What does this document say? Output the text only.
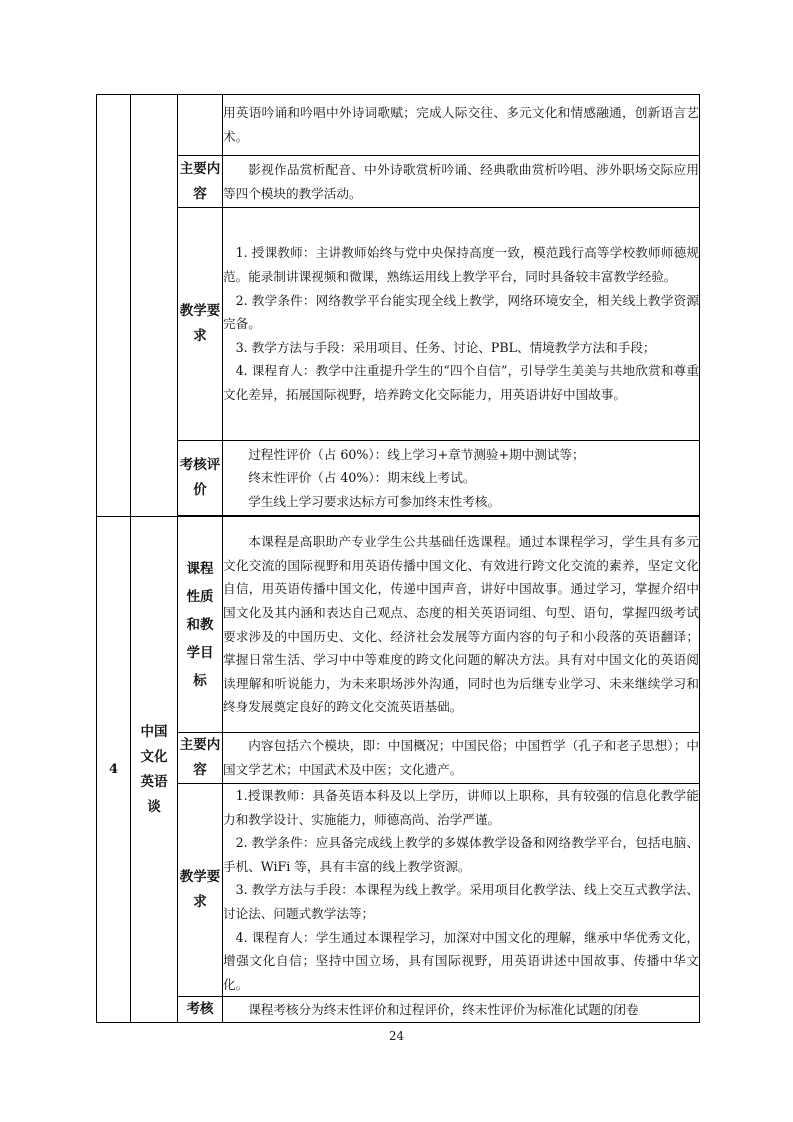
			用英语吟诵和吟唱中外诗词歌赋；完成人际交往、多元文化和情感融通，创新语言艺术。

		主要内容	影视作品赏析配音、中外诗歌赏析吟诵、经典歌曲赏析吟唱、涉外职场交际应用等四个模块的教学活动。

		教学要求	1. 授课教师：主讲教师始终与党中央保持高度一致，模范践行高等学校教师师德规范。能录制讲课视频和微课，熟练运用线上教学平台，同时具备较丰富教学经验。

2. 教学条件：网络教学平台能实现全线上教学，网络环境安全，相关线上教学资源完备。

3. 教学方法与手段：采用项目、任务、讨论、PBL、情境教学方法和手段；

4. 课程育人：教学中注重提升学生的“四个自信”，引导学生美美与共地欣赏和尊重文化差异，拓展国际视野，培养跨文化交际能力，用英语讲好中国故事。

		考核评价	过程性评价（占 60%）：线上学习+章节测验+期中测试等；

终末性评价（占 40%）：期末线上考试。

学生线上学习要求达标方可参加终末性考核。

4	中国文化英语谈	课程性质和教学目标	本课程是高职助产专业学生公共基础任选课程。通过本课程学习，学生具有多元文化交流的国际视野和用英语传播中国文化、有效进行跨文化交流的素养，坚定文化自信，用英语传播中国文化，传递中国声音，讲好中国故事。通过学习，掌握介绍中国文化及其内涵和表达自己观点、态度的相关英语词组、句型、语句，掌握四级考试要求涉及的中国历史、文化、经济社会发展等方面内容的句子和小段落的英语翻译；掌握日常生活、学习中中等难度的跨文化问题的解决方法。具有对中国文化的英语阅读理解和听说能力，为未来职场涉外沟通，同时也为后继专业学习、未来继续学习和终身发展奠定良好的跨文化交流英语基础。

		主要内容	内容包括六个模块，即：中国概况；中国民俗；中国哲学（孔子和老子思想）；中国文学艺术；中国武术及中医；文化遗产。

		教学要求	1.授课教师：具备英语本科及以上学历，讲师以上职称，具有较强的信息化教学能力和教学设计、实施能力，师德高尚、治学严谨。

2. 教学条件：应具备完成线上教学的多媒体教学设备和网络教学平台，包括电脑、手机、WiFi 等，具有丰富的线上教学资源。

3. 教学方法与手段：本课程为线上教学。采用项目化教学法、线上交互式教学法、讨论法、问题式教学法等；

4. 课程育人：学生通过本课程学习，加深对中国文化的理解，继承中华优秀文化，增强文化自信；坚持中国立场，具有国际视野，用英语讲述中国故事、传播中华文化。

		考核	课程考核分为终末性评价和过程评价，终末性评价为标准化试题的闭卷

24
